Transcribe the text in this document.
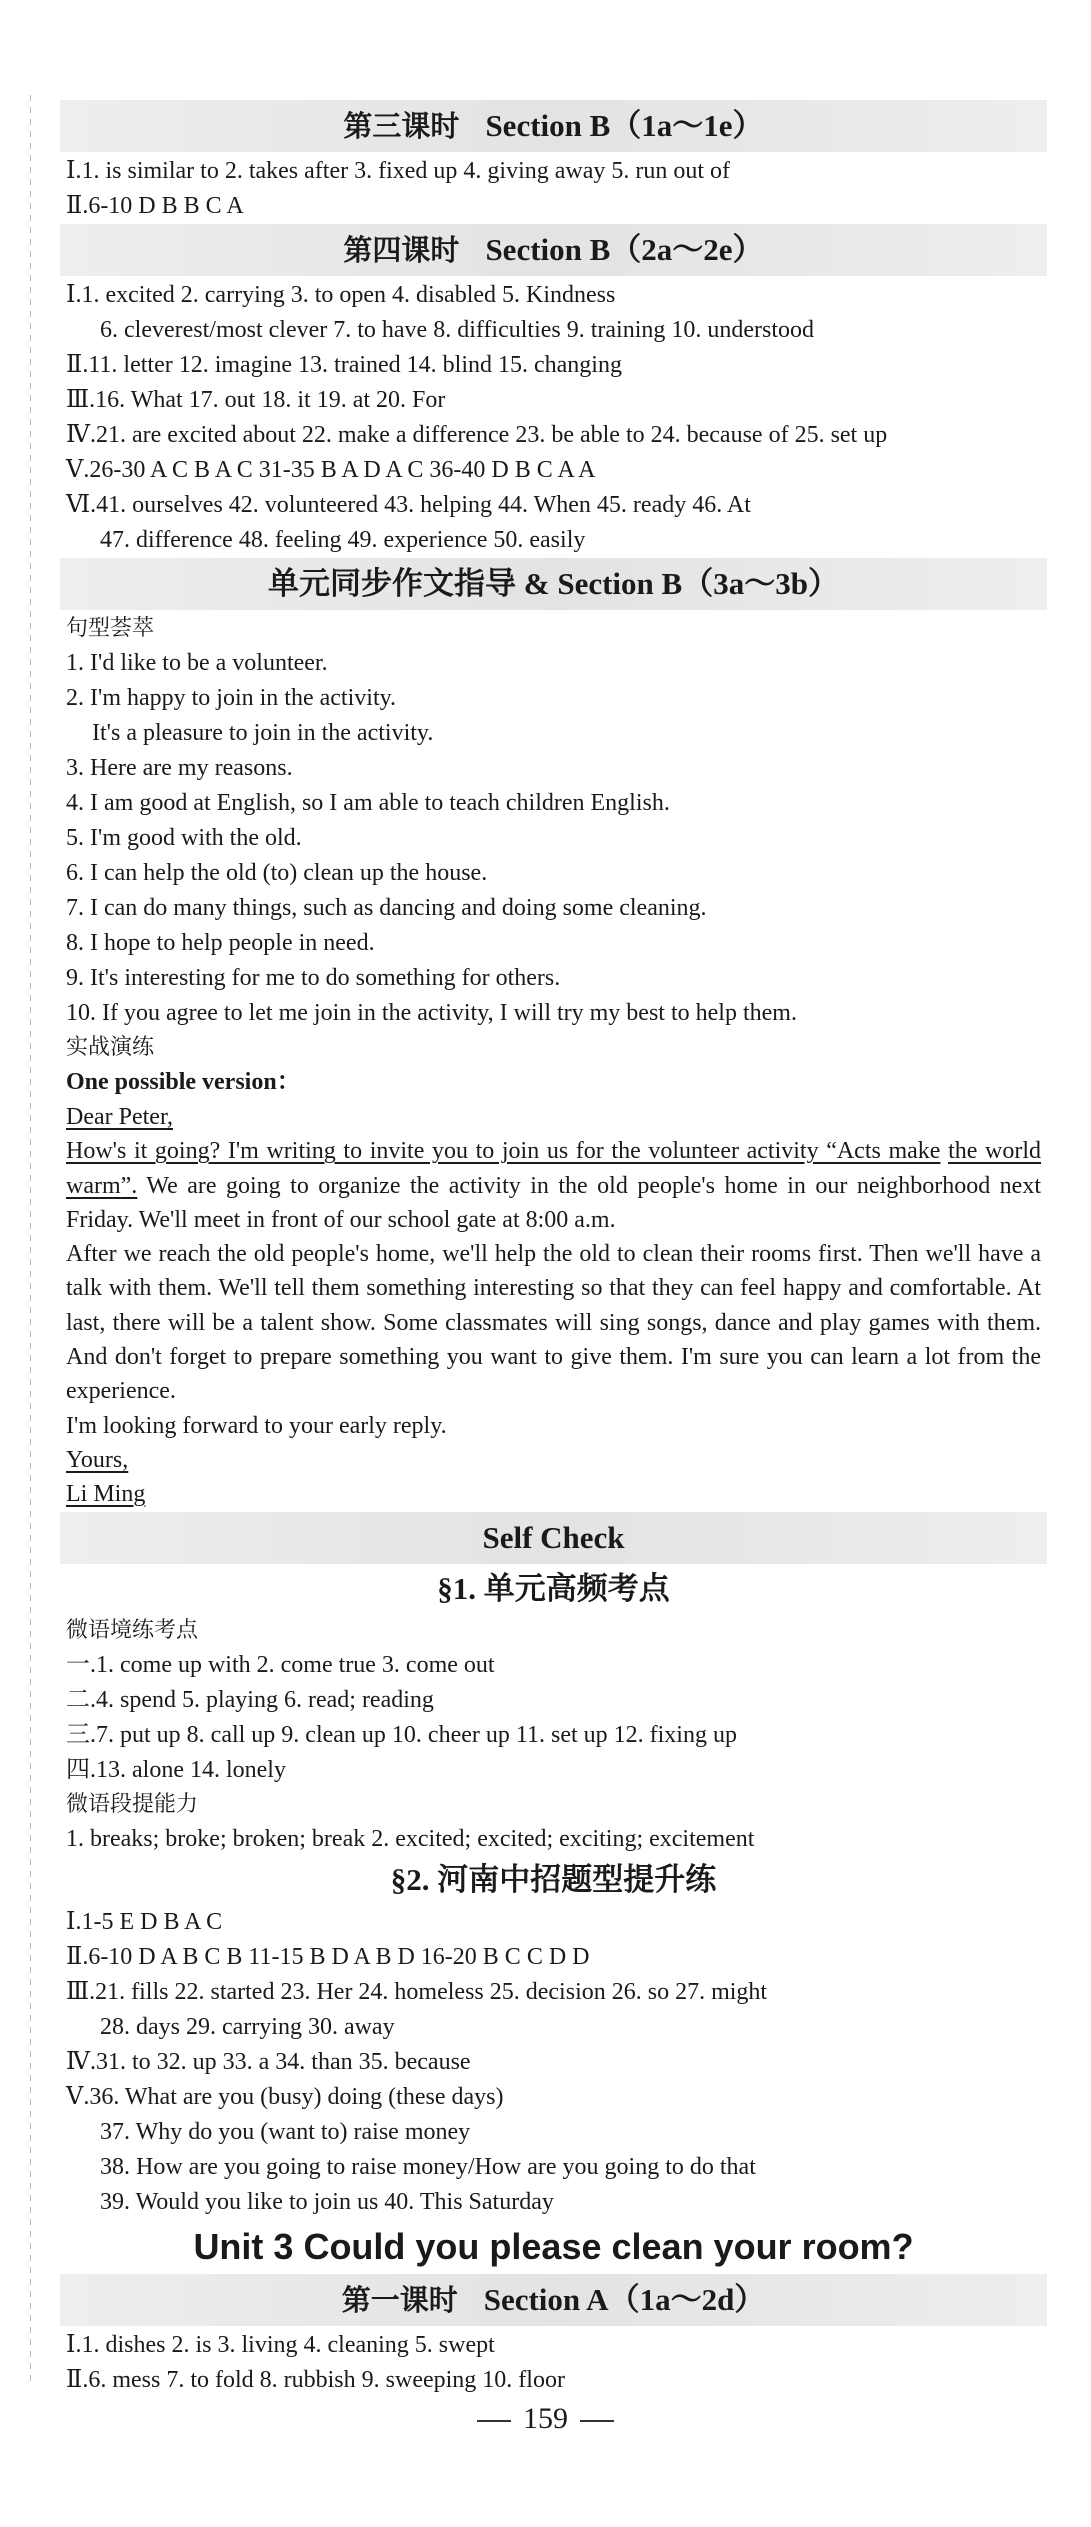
第三课时 Section B（1a～1e）
Ⅰ.1. is similar to 2. takes after 3. fixed up 4. giving away 5. run out of
Ⅱ.6-10 D B B C A
第四课时 Section B（2a～2e）
Ⅰ.1. excited 2. carrying 3. to open 4. disabled 5. Kindness
6. cleverest/most clever 7. to have 8. difficulties 9. training 10. understood
Ⅱ.11. letter 12. imagine 13. trained 14. blind 15. changing
Ⅲ.16. What 17. out 18. it 19. at 20. For
Ⅳ.21. are excited about 22. make a difference 23. be able to 24. because of 25. set up
Ⅴ.26-30 A C B A C 31-35 B A D A C 36-40 D B C A A
Ⅵ.41. ourselves 42. volunteered 43. helping 44. When 45. ready 46. At
47. difference 48. feeling 49. experience 50. easily
单元同步作文指导 & Section B（3a～3b）
句型荟萃
1. I'd like to be a volunteer.
2. I'm happy to join in the activity.
It's a pleasure to join in the activity.
3. Here are my reasons.
4. I am good at English, so I am able to teach children English.
5. I'm good with the old.
6. I can help the old (to) clean up the house.
7. I can do many things, such as dancing and doing some cleaning.
8. I hope to help people in need.
9. It's interesting for me to do something for others.
10. If you agree to let me join in the activity, I will try my best to help them.
实战演练
One possible version：

Dear Peter,

How's it going? I'm writing to invite you to join us for the volunteer activity “Acts make the world warm”. We are going to organize the activity in the old people's home in our neighborhood next Friday. We'll meet in front of our school gate at 8:00 a.m.

After we reach the old people's home, we'll help the old to clean their rooms first. Then we'll have a talk with them. We'll tell them something interesting so that they can feel happy and comfortable. At last, there will be a talent show. Some classmates will sing songs, dance and play games with them. And don't forget to prepare something you want to give them. I'm sure you can learn a lot from the experience.

I'm looking forward to your early reply.

Yours,

Li Ming

Self Check
§1. 单元高频考点
微语境练考点
一.1. come up with 2. come true 3. come out
二.4. spend 5. playing 6. read; reading
三.7. put up 8. call up 9. clean up 10. cheer up 11. set up 12. fixing up
四.13. alone 14. lonely
微语段提能力
1. breaks; broke; broken; break 2. excited; excited; exciting; excitement
§2. 河南中招题型提升练
Ⅰ.1-5 E D B A C
Ⅱ.6-10 D A B C B 11-15 B D A B D 16-20 B C C D D
Ⅲ.21. fills 22. started 23. Her 24. homeless 25. decision 26. so 27. might
28. days 29. carrying 30. away
Ⅳ.31. to 32. up 33. a 34. than 35. because
Ⅴ.36. What are you (busy) doing (these days)
37. Why do you (want to) raise money
38. How are you going to raise money/How are you going to do that
39. Would you like to join us 40. This Saturday
Unit 3 Could you please clean your room?
第一课时 Section A（1a～2d）
Ⅰ.1. dishes 2. is 3. living 4. cleaning 5. swept
Ⅱ.6. mess 7. to fold 8. rubbish 9. sweeping 10. floor
159
